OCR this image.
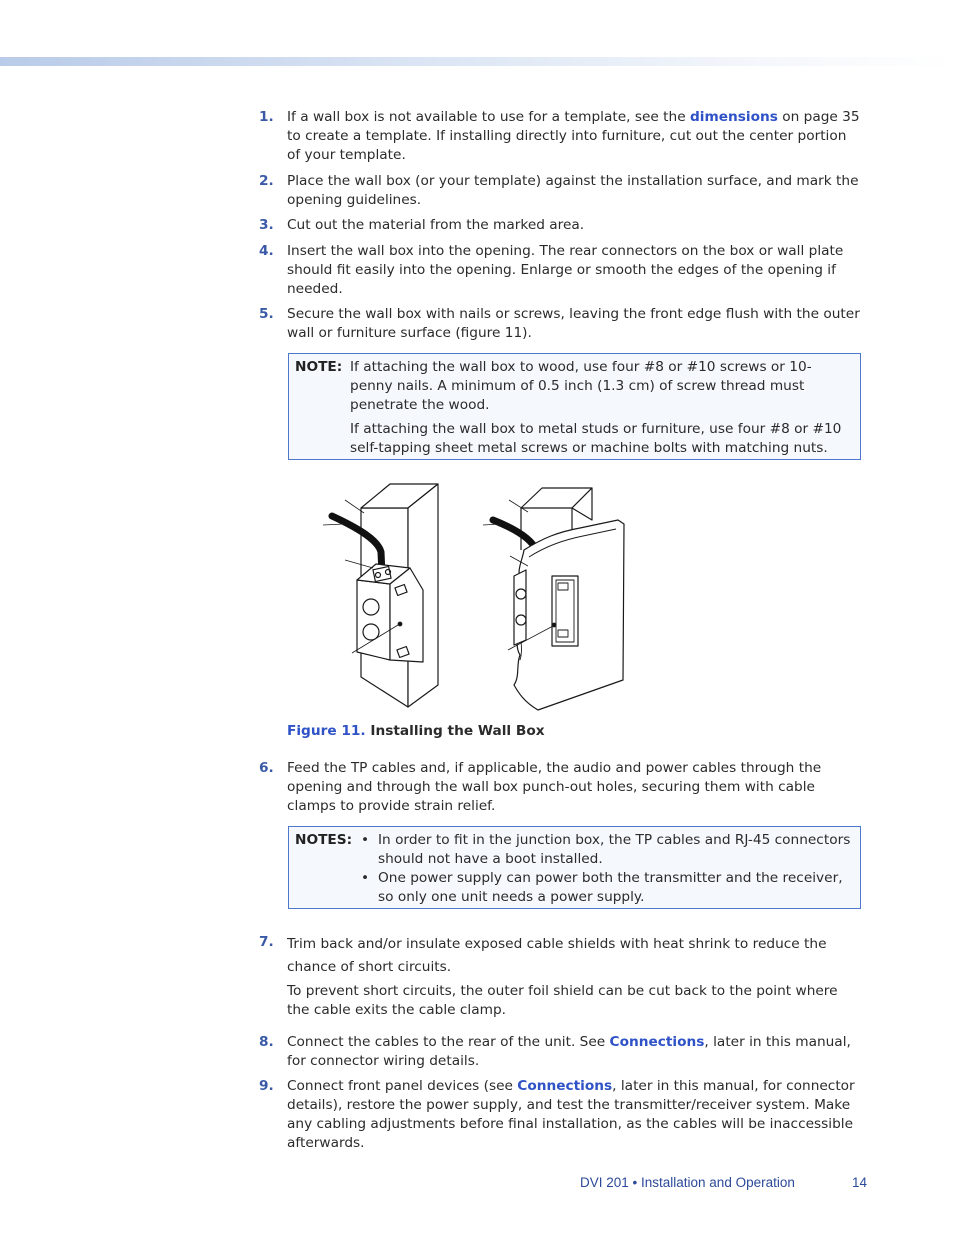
1. If a wall box is not available to use for a template, see the dimensions on page 35 to create a template. If installing directly into furniture, cut out the center portion of your template.
2. Place the wall box (or your template) against the installation surface, and mark the opening guidelines.
3. Cut out the material from the marked area.
4. Insert the wall box into the opening. The rear connectors on the box or wall plate should fit easily into the opening. Enlarge or smooth the edges of the opening if needed.
5. Secure the wall box with nails or screws, leaving the front edge flush with the outer wall or furniture surface (figure 11).
NOTE: If attaching the wall box to wood, use four #8 or #10 screws or 10-penny nails. A minimum of 0.5 inch (1.3 cm) of screw thread must penetrate the wood.
If attaching the wall box to metal studs or furniture, use four #8 or #10 self-tapping sheet metal screws or machine bolts with matching nuts.
Figure 11. Installing the Wall Box
6. Feed the TP cables and, if applicable, the audio and power cables through the opening and through the wall box punch-out holes, securing them with cable clamps to provide strain relief.
NOTES: • In order to fit in the junction box, the TP cables and RJ-45 connectors should not have a boot installed.
• One power supply can power both the transmitter and the receiver, so only one unit needs a power supply.
7. Trim back and/or insulate exposed cable shields with heat shrink to reduce the chance of short circuits.
To prevent short circuits, the outer foil shield can be cut back to the point where the cable exits the cable clamp.
8. Connect the cables to the rear of the unit. See Connections, later in this manual, for connector wiring details.
9. Connect front panel devices (see Connections, later in this manual, for connector details), restore the power supply, and test the transmitter/receiver system. Make any cabling adjustments before final installation, as the cables will be inaccessible afterwards.
DVI 201 • Installation and Operation	14
